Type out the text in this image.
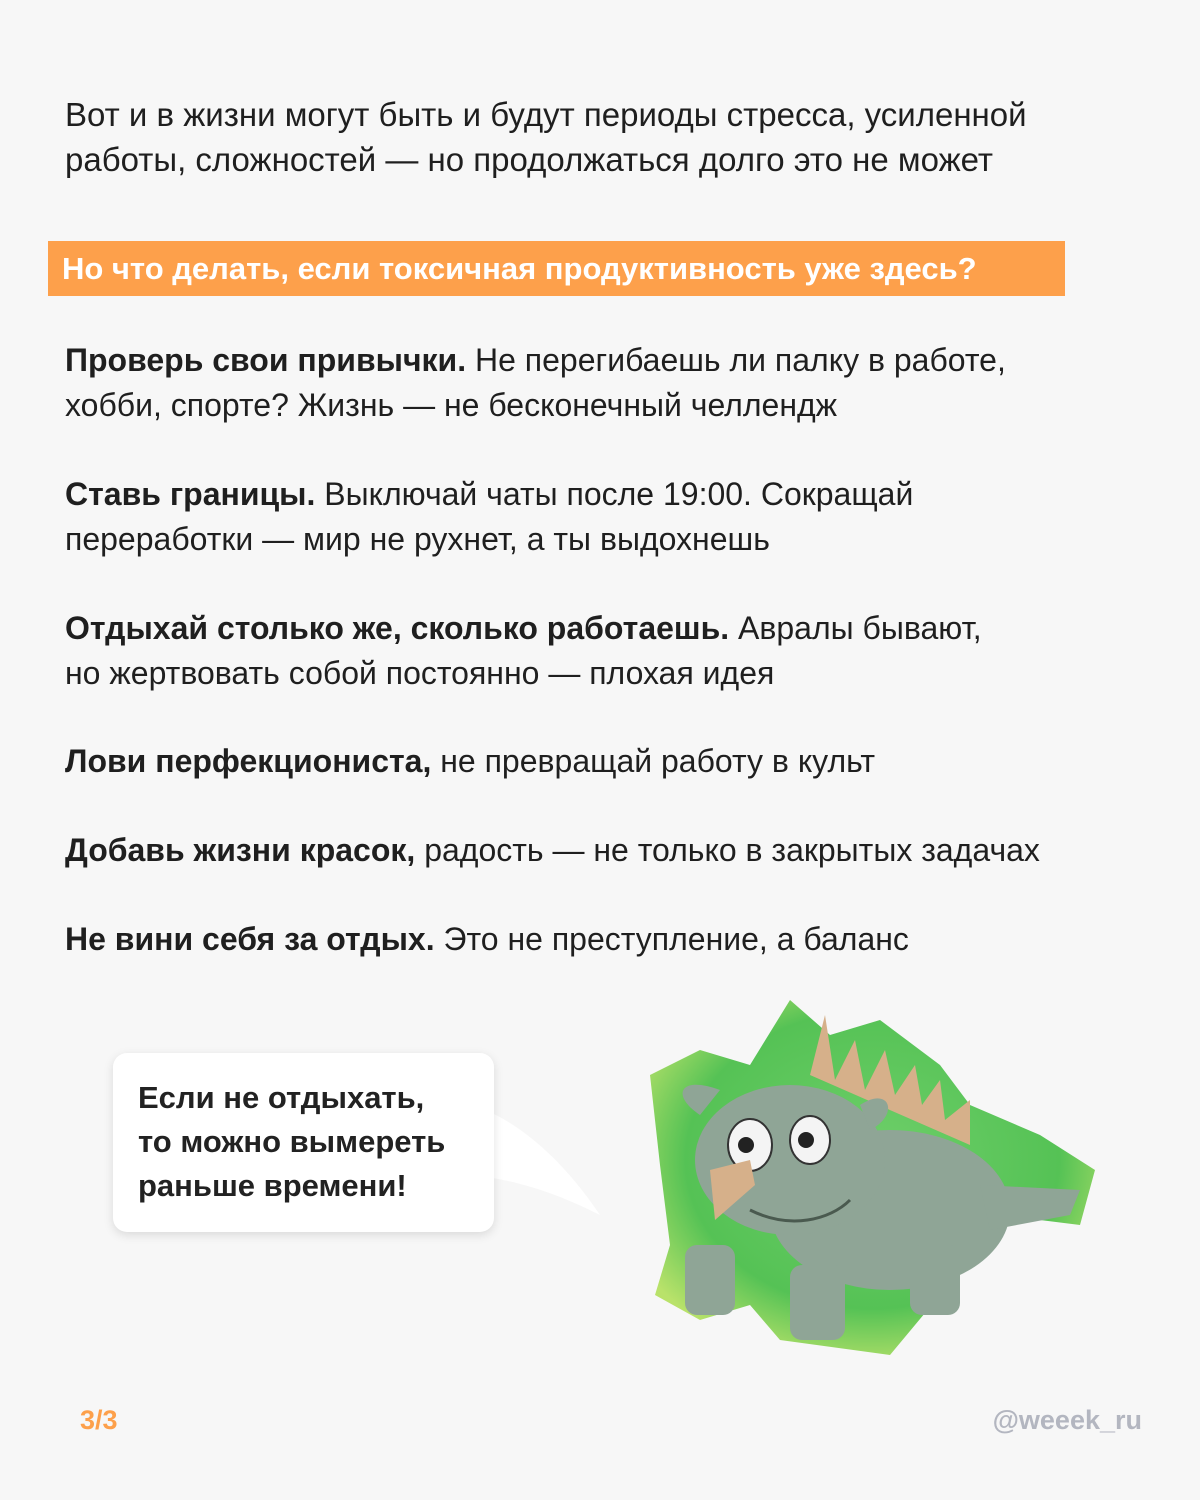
Вот и в жизни могут быть и будут периоды стресса, усиленной
работы, сложностей — но продолжаться долго это не может

Но что делать, если токсичная продуктивность уже здесь?

Проверь свои привычки. Не перегибаешь ли палку в работе,
хобби, спорте? Жизнь — не бесконечный челлендж

Ставь границы. Выключай чаты после 19:00. Сокращай
переработки — мир не рухнет, а ты выдохнешь

Отдыхай столько же, сколько работаешь. Авралы бывают,
но жертвовать собой постоянно — плохая идея

Лови перфекциониста, не превращай работу в культ

Добавь жизни красок, радость — не только в закрытых задачах

Не вини себя за отдых. Это не преступление, а баланс

Если не отдыхать,
то можно вымереть
раньше времени!

3/3	@weeek_ru
